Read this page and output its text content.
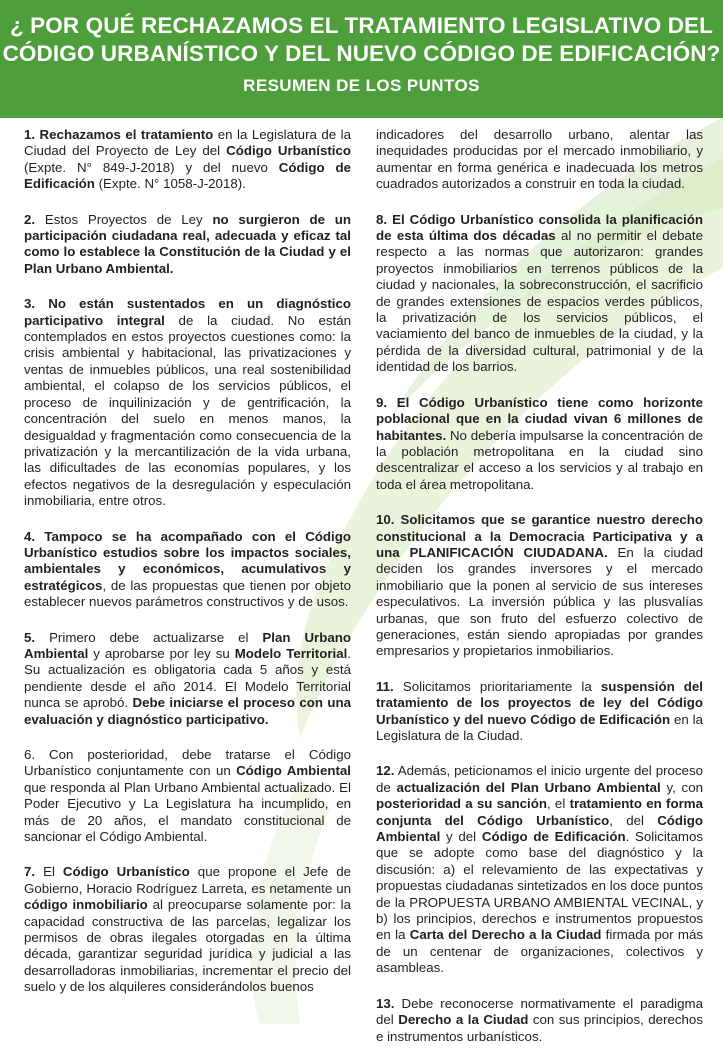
¿ POR QUÉ RECHAZAMOS EL TRATAMIENTO LEGISLATIVO DEL
CÓDIGO URBANÍSTICO Y DEL NUEVO CÓDIGO DE EDIFICACIÓN?
RESUMEN DE LOS PUNTOS

1. Rechazamos el tratamiento en la Legislatura de la Ciudad del Proyecto de Ley del Código Urbanístico (Expte. N° 849-J-2018) y del nuevo Código de Edificación (Expte. N° 1058-J-2018).

2. Estos Proyectos de Ley no surgieron de un participación ciudadana real, adecuada y eficaz tal como lo establece la Constitución de la Ciudad y el Plan Urbano Ambiental.

3. No están sustentados en un diagnóstico participativo integral de la ciudad. No están contemplados en estos proyectos cuestiones como: la crisis ambiental y habitacional, las privatizaciones y ventas de inmuebles públicos, una real sostenibilidad ambiental, el colapso de los servicios públicos, el proceso de inquilinización y de gentrificación, la concentración del suelo en menos manos, la desigualdad y fragmentación como consecuencia de la privatización y la mercantilización de la vida urbana, las dificultades de las economías populares, y los efectos negativos de la desregulación y especulación inmobiliaria, entre otros.

4. Tampoco se ha acompañado con el Código Urbanístico estudios sobre los impactos sociales, ambientales y económicos, acumulativos y estratégicos, de las propuestas que tienen por objeto establecer nuevos parámetros constructivos y de usos.

5. Primero debe actualizarse el Plan Urbano Ambiental y aprobarse por ley su Modelo Territorial. Su actualización es obligatoria cada 5 años y está pendiente desde el año 2014. El Modelo Territorial nunca se aprobó. Debe iniciarse el proceso con una evaluación y diagnóstico participativo.

6. Con posterioridad, debe tratarse el Código Urbanístico conjuntamente con un Código Ambiental que responda al Plan Urbano Ambiental actualizado. El Poder Ejecutivo y La Legislatura ha incumplido, en más de 20 años, el mandato constitucional de sancionar el Código Ambiental.

7. El Código Urbanístico que propone el Jefe de Gobierno, Horacio Rodríguez Larreta, es netamente un código inmobiliario al preocuparse solamente por: la capacidad constructiva de las parcelas, legalizar los permisos de obras ilegales otorgadas en la última década, garantizar seguridad jurídica y judicial a las desarrolladoras inmobiliarias, incrementar el precio del suelo y de los alquileres considerándolos buenos

8. El Código Urbanístico consolida la planificación de esta última dos décadas al no permitir el debate respecto a las normas que autorizaron: grandes proyectos inmobiliarios en terrenos públicos de la ciudad y nacionales, la sobreconstrucción, el sacrificio de grandes extensiones de espacios verdes públicos, la privatización de los servicios públicos, el vaciamiento del banco de inmuebles de la ciudad, y la pérdida de la diversidad cultural, patrimonial y de la identidad de los barrios.

9. El Código Urbanístico tiene como horizonte poblacional que en la ciudad vivan 6 millones de habitantes. No debería impulsarse la concentración de la población metropolitana en la ciudad sino descentralizar el acceso a los servicios y al trabajo en toda el área metropolitana.

10. Solicitamos que se garantice nuestro derecho constitucional a la Democracia Participativa y a una PLANIFICACIÓN CIUDADANA. En la ciudad deciden los grandes inversores y el mercado inmobiliario que la ponen al servicio de sus intereses especulativos. La inversión pública y las plusvalías urbanas, que son fruto del esfuerzo colectivo de generaciones, están siendo apropiadas por grandes empresarios y propietarios inmobiliarios.

11. Solicitamos prioritariamente la suspensión del tratamiento de los proyectos de ley del Código Urbanístico y del nuevo Código de Edificación en la Legislatura de la Ciudad.

12. Además, peticionamos el inicio urgente del proceso de actualización del Plan Urbano Ambiental y, con posterioridad a su sanción, el tratamiento en forma conjunta del Código Urbanístico, del Código Ambiental y del Código de Edificación. Solicitamos que se adopte como base del diagnóstico y la discusión: a) el relevamiento de las expectativas y propuestas ciudadanas sintetizados en los doce puntos de la PROPUESTA URBANO AMBIENTAL VECINAL, y b) los principios, derechos e instrumentos propuestos en la Carta del Derecho a la Ciudad firmada por más de un centenar de organizaciones, colectivos y asambleas.

13. Debe reconocerse normativamente el paradigma del Derecho a la Ciudad con sus principios, derechos e instrumentos urbanísticos.

indicadores del desarrollo urbano, alentar las inequidades producidas por el mercado inmobiliario, y aumentar en forma genérica e inadecuada los metros cuadrados autorizados a construir en toda la ciudad.
